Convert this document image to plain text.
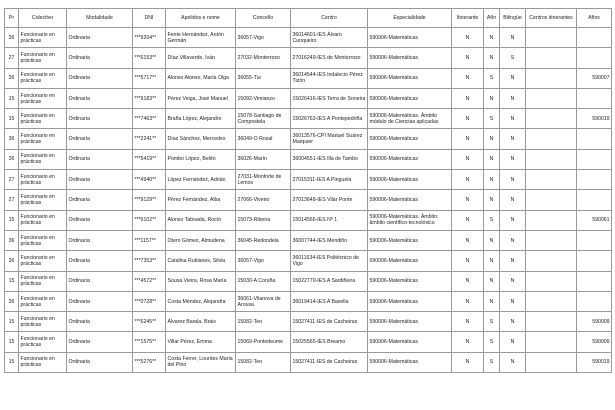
Pr	Colectivo	Modalidade	DNI	Apelidos e nome	Concello	Centro	Especialidade	Itinerante	Afín	Bilingüe	Centros itinerantes	Afíns
36	Funcionario en prácticas	Ordinaria	***9204**	Fente Hernández, Antón Germán	36057-Vigo	36014601-IES Álvaro Cunqueiro	590006-Matemáticas	N	N	N		
27	Funcionario en prácticas	Ordinaria	***6153**	Díaz Villaverde, Iván	27032-Monterroso	27016249-IES de Monterroso	590006-Matemáticas	N	N	S		
36	Funcionario en prácticas	Ordinaria	***5717**	Alonso Alonso, María Olga	36055-Tui	36014544-IES Indalecio Pérez Tizón	590006-Matemáticas	N	S	N		590007
15	Funcionario en prácticas	Ordinaria	***9183**	Pérez Veiga, José Manuel	15092-Vimianzo	15026416-IES Terra de Soneira	590006-Matemáticas	N	N	N		
15	Funcionario en prácticas	Ordinaria	***7463**	Braña López, Alejandro	15078-Santiago de Compostela	15026763-IES A Pontepedriña	590006-Matemáticas. Âmbito módulo de Ciencias aplicadas	N	S	N		590019
36	Funcionario en prácticas	Ordinaria	***2241**	Díaz Sánchez, Mercedes	36049-O Rosal	36013576-CPI Manuel Suárez Marquier	590006-Matemáticas	N	N	N		
36	Funcionario en prácticas	Ordinaria	***5419**	Pombo López, Belén	36026-Marín	36004551-IES Illa de Tambo	590006-Matemáticas	N	N	N		
27	Funcionario en prácticas	Ordinaria	***4940**	López Fernández, Adrián	27031-Monforte de Lemos	27015311-IES A Pinguela	590006-Matemáticas	N	N	N		
27	Funcionario en prácticas	Ordinaria	***9129**	Pérez Fernández, Alba	27066-Viveiro	27013648-IES Vilar Ponte	590006-Matemáticas	N	N	N		
15	Funcionario en prácticas	Ordinaria	***9102**	Alonso Taboada, Rocío	15073-Ribeira	15014566-IES Nº 1	590006-Matemáticas. Âmbito: âmbito científico-tecnolóxico	N	S	N		590061
36	Funcionario en prácticas	Ordinaria	***1157**	Otero Gómez, Almudena	36045-Redondela	36007744-IES Mendiño	590006-Matemáticas	N	N	N		
36	Funcionario en prácticas	Ordinaria	***7353**	Catalina Rubianes, Silvia	36057-Vigo	36011634-IES Politécnico de Vigo	590006-Matemáticas	N	N	N		
15	Funcionario en prácticas	Ordinaria	***4572**	Sousa Vieira, Rosa María	15030-A Coruña	15022770-IES A Sardiñeira	590006-Matemáticas	N	N	N		
36	Funcionario en prácticas	Ordinaria	***0728**	Costa Méndez, Alejandra	36061-Vilanova de Arousa	36019414-IES A Basella	590006-Matemáticas	N	N	N		
15	Funcionario en prácticas	Ordinaria	***6245**	Álvarez Barala, Brais	15082-Teo	15027411-IES de Cacheiras	590006-Matemáticas	N	S	N		590009
15	Funcionario en prácticas	Ordinaria	***1575**	Villar Pérez, Emma	15069-Pontedeume	15025565-IES Breamo	590006-Matemáticas	N	S	N		590009
15	Funcionario en prácticas	Ordinaria	***5276**	Costa Ferrer, Lourdes María del Pino	15082-Teo	15027411-IES de Cacheiras	590006-Matemáticas	N	S	N		590019
